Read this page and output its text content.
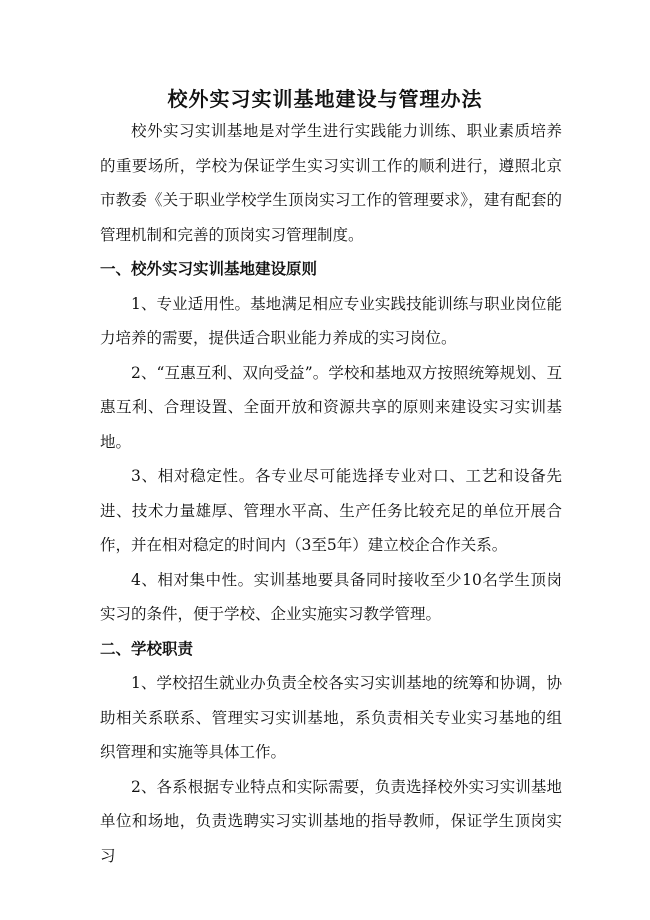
校外实习实训基地建设与管理办法

校外实习实训基地是对学生进行实践能力训练、职业素质培养的重要场所，学校为保证学生实习实训工作的顺利进行，遵照北京市教委《关于职业学校学生顶岗实习工作的管理要求》，建有配套的管理机制和完善的顶岗实习管理制度。

一、校外实习实训基地建设原则

1、专业适用性。基地满足相应专业实践技能训练与职业岗位能力培养的需要，提供适合职业能力养成的实习岗位。

2、“互惠互利、双向受益”。学校和基地双方按照统筹规划、互惠互利、合理设置、全面开放和资源共享的原则来建设实习实训基地。

3、相对稳定性。各专业尽可能选择专业对口、工艺和设备先进、技术力量雄厚、管理水平高、生产任务比较充足的单位开展合作，并在相对稳定的时间内（3至5年）建立校企合作关系。

4、相对集中性。实训基地要具备同时接收至少10名学生顶岗实习的条件，便于学校、企业实施实习教学管理。

二、学校职责

1、学校招生就业办负责全校各实习实训基地的统筹和协调，协助相关系联系、管理实习实训基地，系负责相关专业实习基地的组织管理和实施等具体工作。

2、各系根据专业特点和实际需要，负责选择校外实习实训基地单位和场地，负责选聘实习实训基地的指导教师，保证学生顶岗实习
